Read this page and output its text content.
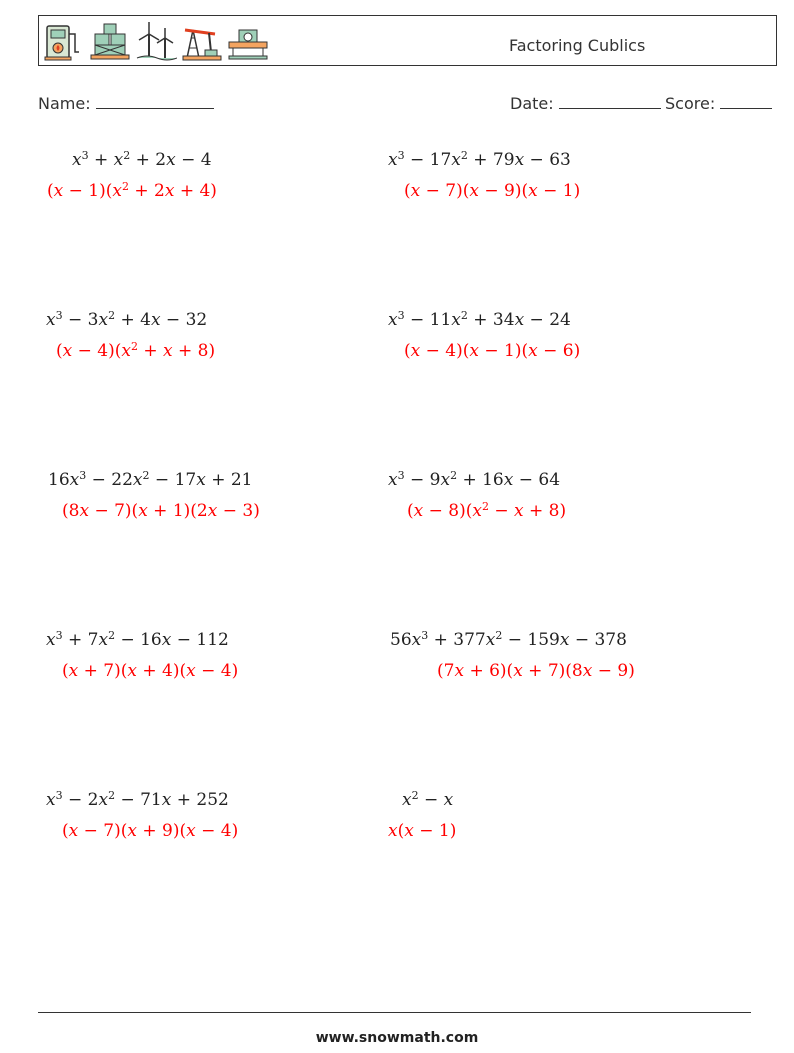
Factoring Cublics
Name:	Date:	Score:
$x^3 + x^2 + 2x - 4$
$(x - 1)(x^2 + 2x + 4)$
$x^3 - 17x^2 + 79x - 63$
(x − 7)(x − 9)(x − 1)
$x^3 - 3x^2 + 4x - 32$
$(x - 4)(x^2 + x + 8)$
$x^3 - 11x^2 + 34x - 24$
(x − 4)(x − 1)(x − 6)
$16x^3 - 22x^2 - 17x + 21$
(8x − 7)(x + 1)(2x − 3)
$x^3 - 9x^2 + 16x - 64$
$(x - 8)(x^2 - x + 8)$
$x^3 + 7x^2 - 16x - 112$
(x + 7)(x + 4)(x − 4)
$56x^3 + 377x^2 - 159x - 378$
(7x + 6)(x + 7)(8x − 9)
$x^3 - 2x^2 - 71x + 252$
(x − 7)(x + 9)(x − 4)
$x^2 - x$
x(x − 1)
www.snowmath.com
